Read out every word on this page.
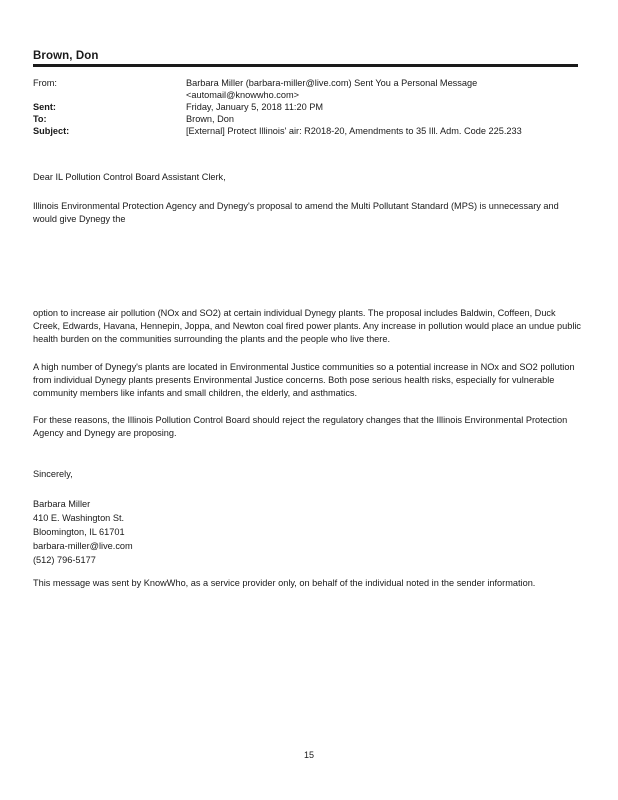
Brown, Don
From:	Barbara Miller (barbara-miller@live.com) Sent You a Personal Message
<automail@knowwho.com>
Sent:	Friday, January 5, 2018 11:20 PM
To:	Brown, Don
Subject:	[External] Protect Illinois' air: R2018-20, Amendments to 35 Ill. Adm. Code 225.233
Dear IL Pollution Control Board Assistant Clerk,
Illinois Environmental Protection Agency and Dynegy's proposal to amend the Multi Pollutant Standard (MPS) is unnecessary and would give Dynegy the
option to increase air pollution (NOx and SO2) at certain individual Dynegy plants. The proposal includes Baldwin, Coffeen, Duck Creek, Edwards, Havana, Hennepin, Joppa, and Newton coal fired power plants. Any increase in pollution would place an undue public health burden on the communities surrounding the plants and the people who live there.
A high number of Dynegy's plants are located in Environmental Justice communities so a potential increase in NOx and SO2 pollution from individual Dynegy plants presents Environmental Justice concerns. Both pose serious health risks, especially for vulnerable community members like infants and small children, the elderly, and asthmatics.
For these reasons, the Illinois Pollution Control Board should reject the regulatory changes that the Illinois Environmental Protection Agency and Dynegy are proposing.
Sincerely,
Barbara Miller
410 E. Washington St.
Bloomington, IL 61701
barbara-miller@live.com
(512) 796-5177
This message was sent by KnowWho, as a service provider only, on behalf of the individual noted in the sender information.
15
